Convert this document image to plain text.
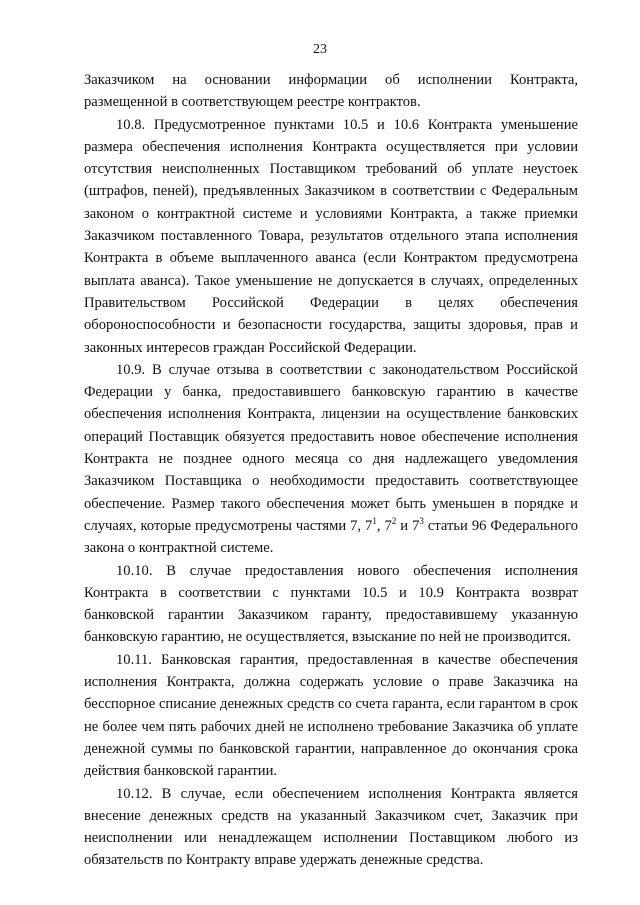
23

Заказчиком на основании информации об исполнении Контракта, размещенной в соответствующем реестре контрактов.

10.8. Предусмотренное пунктами 10.5 и 10.6 Контракта уменьшение размера обеспечения исполнения Контракта осуществляется при условии отсутствия неисполненных Поставщиком требований об уплате неустоек (штрафов, пеней), предъявленных Заказчиком в соответствии с Федеральным законом о контрактной системе и условиями Контракта, а также приемки Заказчиком поставленного Товара, результатов отдельного этапа исполнения Контракта в объеме выплаченного аванса (если Контрактом предусмотрена выплата аванса). Такое уменьшение не допускается в случаях, определенных Правительством Российской Федерации в целях обеспечения обороноспособности и безопасности государства, защиты здоровья, прав и законных интересов граждан Российской Федерации.

10.9. В случае отзыва в соответствии с законодательством Российской Федерации у банка, предоставившего банковскую гарантию в качестве обеспечения исполнения Контракта, лицензии на осуществление банковских операций Поставщик обязуется предоставить новое обеспечение исполнения Контракта не позднее одного месяца со дня надлежащего уведомления Заказчиком Поставщика о необходимости предоставить соответствующее обеспечение. Размер такого обеспечения может быть уменьшен в порядке и случаях, которые предусмотрены частями 7, $7^1$, $7^2$ и $7^3$ статьи 96 Федерального закона о контрактной системе.

10.10. В случае предоставления нового обеспечения исполнения Контракта в соответствии с пунктами 10.5 и 10.9 Контракта возврат банковской гарантии Заказчиком гаранту, предоставившему указанную банковскую гарантию, не осуществляется, взыскание по ней не производится.

10.11. Банковская гарантия, предоставленная в качестве обеспечения исполнения Контракта, должна содержать условие о праве Заказчика на бесспорное списание денежных средств со счета гаранта, если гарантом в срок не более чем пять рабочих дней не исполнено требование Заказчика об уплате денежной суммы по банковской гарантии, направленное до окончания срока действия банковской гарантии.

10.12. В случае, если обеспечением исполнения Контракта является внесение денежных средств на указанный Заказчиком счет, Заказчик при неисполнении или ненадлежащем исполнении Поставщиком любого из обязательств по Контракту вправе удержать денежные средства.
